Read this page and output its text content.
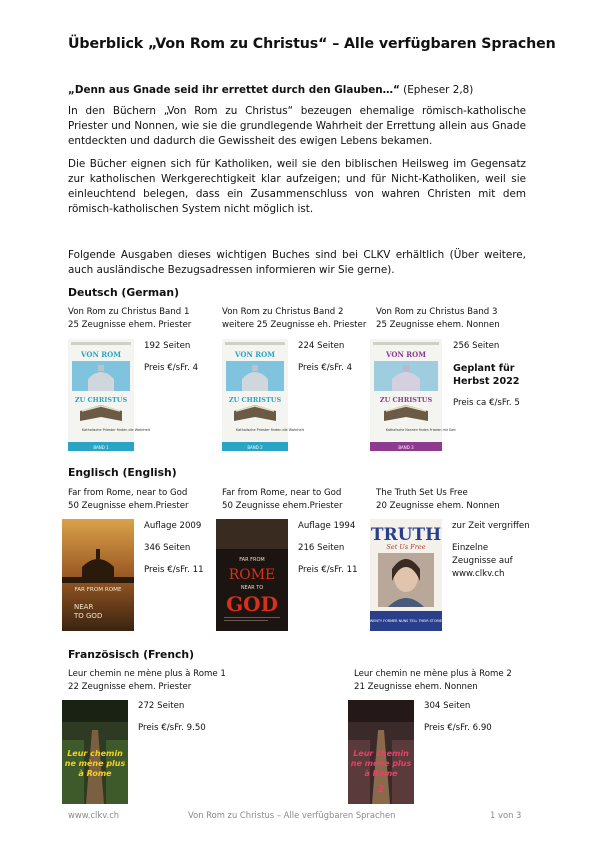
Überblick „Von Rom zu Christus“ – Alle verfügbaren Sprachen

„Denn aus Gnade seid ihr errettet durch den Glauben…“ (Epheser 2,8)

In den Büchern „Von Rom zu Christus“ bezeugen ehemalige römisch-katholische Priester und Nonnen, wie sie die grundlegende Wahrheit der Errettung allein aus Gnade entdeckten und dadurch die Gewissheit des ewigen Lebens bekamen.

Die Bücher eignen sich für Katholiken, weil sie den biblischen Heilsweg im Gegensatz zur katholischen Werkgerechtigkeit klar aufzeigen; und für Nicht-Katholiken, weil sie einleuchtend belegen, dass ein Zusammenschluss von wahren Christen mit dem römisch-katholischen System nicht möglich ist.

Folgende Ausgaben dieses wichtigen Buches sind bei CLKV erhältlich (Über weitere, auch ausländische Bezugsadressen informieren wir Sie gerne).

Deutsch (German)
Von Rom zu Christus Band 1
25 Zeugnisse ehem. Priester
VON ROM
ZU CHRISTUS
Katholische Priester finden die Wahrheit
BAND 1
192 Seiten
Preis €/sFr. 4
Von Rom zu Christus Band 2
weitere 25 Zeugnisse eh. Priester
VON ROM
ZU CHRISTUS
Katholische Priester finden die Wahrheit
BAND 2
224 Seiten
Preis €/sFr. 4
Von Rom zu Christus Band 3
25 Zeugnisse ehem. Nonnen
VON ROM
ZU CHRISTUS
Katholische Nonnen finden Frieden mit Gott
BAND 3
256 Seiten
Geplant für Herbst 2022
Preis ca €/sFr. 5
Englisch (English)
Far from Rome, near to God
50 Zeugnisse ehem.Priester
FAR FROM ROME
NEAR
TO GOD
Auflage 2009
346 Seiten
Preis €/sFr. 11
Far from Rome, near to God
50 Zeugnisse ehem.Priester
FAR FROM
ROME
NEAR TO
GOD
Auflage 1994
216 Seiten
Preis €/sFr. 11
The Truth Set Us Free
20 Zeugnisse ehem. Nonnen
TRUTH
Set Us Free
TWENTY FORMER NUNS TELL THEIR STORIES
zur Zeit vergriffen
Einzelne Zeugnisse auf www.clkv.ch
Französisch (French)
Leur chemin ne mène plus à Rome 1
22 Zeugnisse ehem. Priester
Leur chemin
ne mène plus
à Rome
272 Seiten
Preis €/sFr. 9.50
Leur chemin ne mène plus à Rome 2
21 Zeugnisse ehem. Nonnen
Leur chemin
ne mène plus
à Rome
2
304 Seiten
Preis €/sFr. 6.90
www.clkv.ch	Von Rom zu Christus – Alle verfügbaren Sprachen	1 von 3
